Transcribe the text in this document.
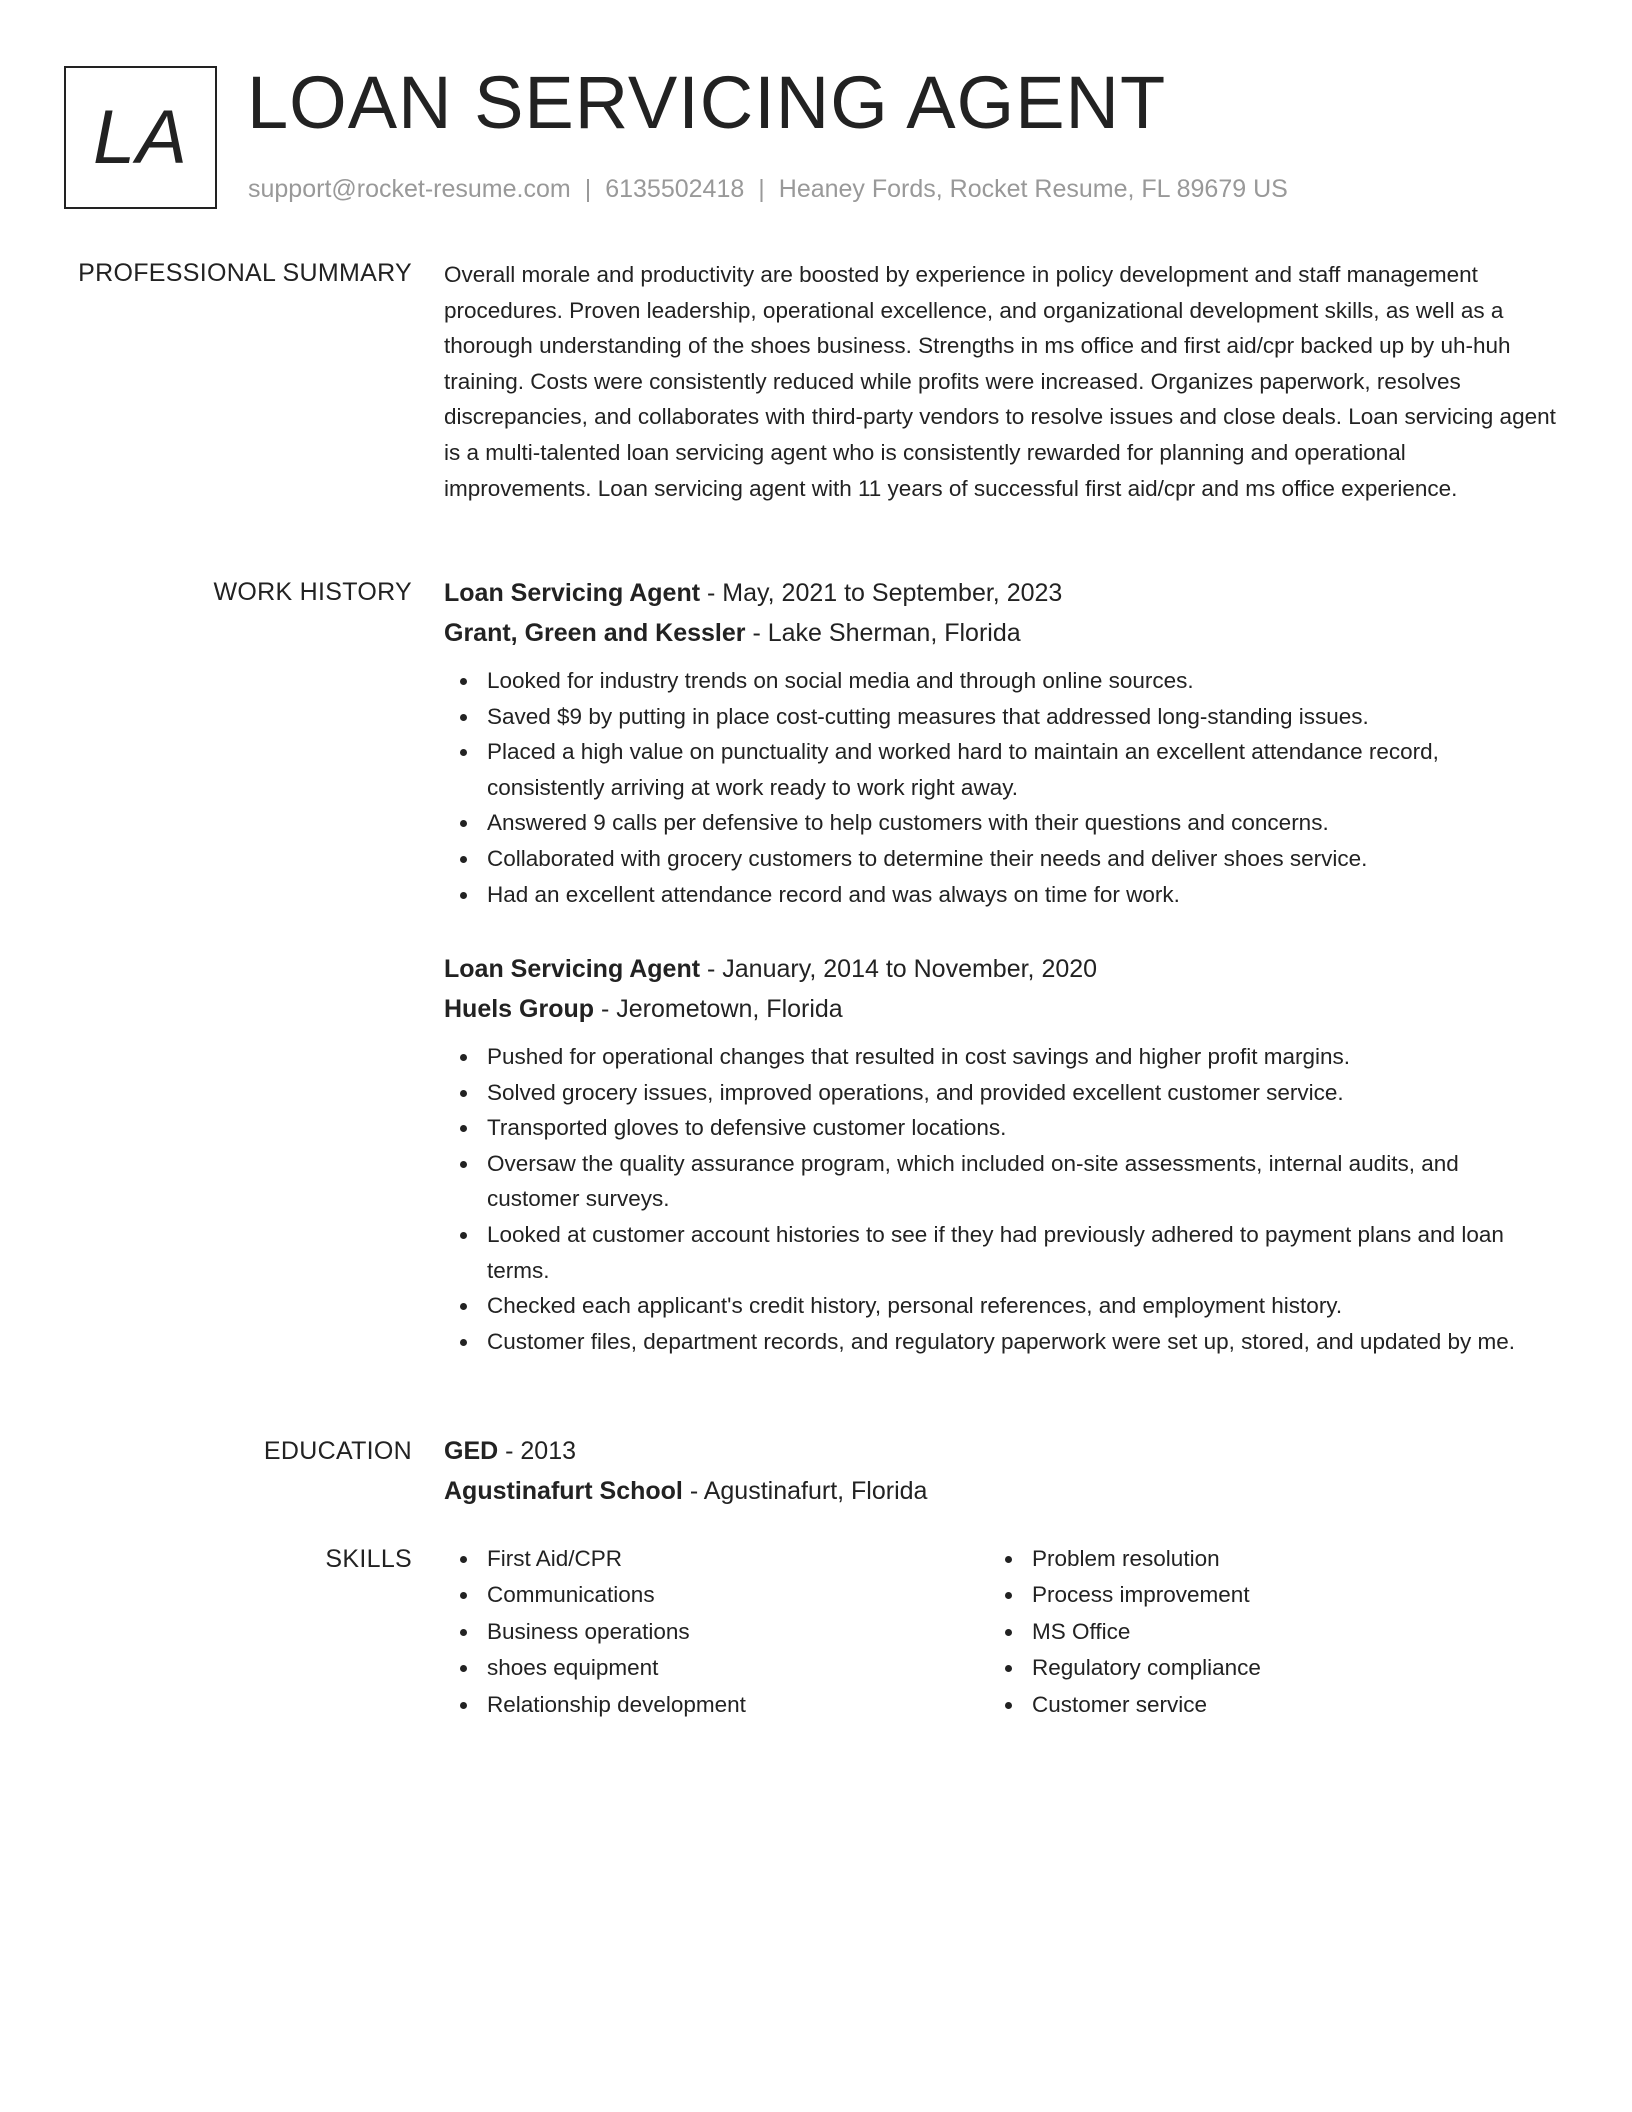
LA LOAN SERVICING AGENT
support@rocket-resume.com | 6135502418 | Heaney Fords, Rocket Resume, FL 89679 US
PROFESSIONAL SUMMARY Overall morale and productivity are boosted by experience in policy development and staff management procedures. Proven leadership, operational excellence, and organizational development skills, as well as a thorough understanding of the shoes business. Strengths in ms office and first aid/cpr backed up by uh-huh training. Costs were consistently reduced while profits were increased. Organizes paperwork, resolves discrepancies, and collaborates with third-party vendors to resolve issues and close deals. Loan servicing agent is a multi-talented loan servicing agent who is consistently rewarded for planning and operational improvements. Loan servicing agent with 11 years of successful first aid/cpr and ms office experience.
WORK HISTORY Loan Servicing Agent - May, 2021 to September, 2023
Grant, Green and Kessler - Lake Sherman, Florida
Looked for industry trends on social media and through online sources.
Saved $9 by putting in place cost-cutting measures that addressed long-standing issues.
Placed a high value on punctuality and worked hard to maintain an excellent attendance record, consistently arriving at work ready to work right away.
Answered 9 calls per defensive to help customers with their questions and concerns.
Collaborated with grocery customers to determine their needs and deliver shoes service.
Had an excellent attendance record and was always on time for work.
Loan Servicing Agent - January, 2014 to November, 2020
Huels Group - Jerometown, Florida
Pushed for operational changes that resulted in cost savings and higher profit margins.
Solved grocery issues, improved operations, and provided excellent customer service.
Transported gloves to defensive customer locations.
Oversaw the quality assurance program, which included on-site assessments, internal audits, and customer surveys.
Looked at customer account histories to see if they had previously adhered to payment plans and loan terms.
Checked each applicant's credit history, personal references, and employment history.
Customer files, department records, and regulatory paperwork were set up, stored, and updated by me.
EDUCATION GED - 2013
Agustinafurt School - Agustinafurt, Florida
SKILLS	First Aid/CPR
Communications
Business operations
shoes equipment
Relationship development
Problem resolution
Process improvement
MS Office
Regulatory compliance
Customer service
